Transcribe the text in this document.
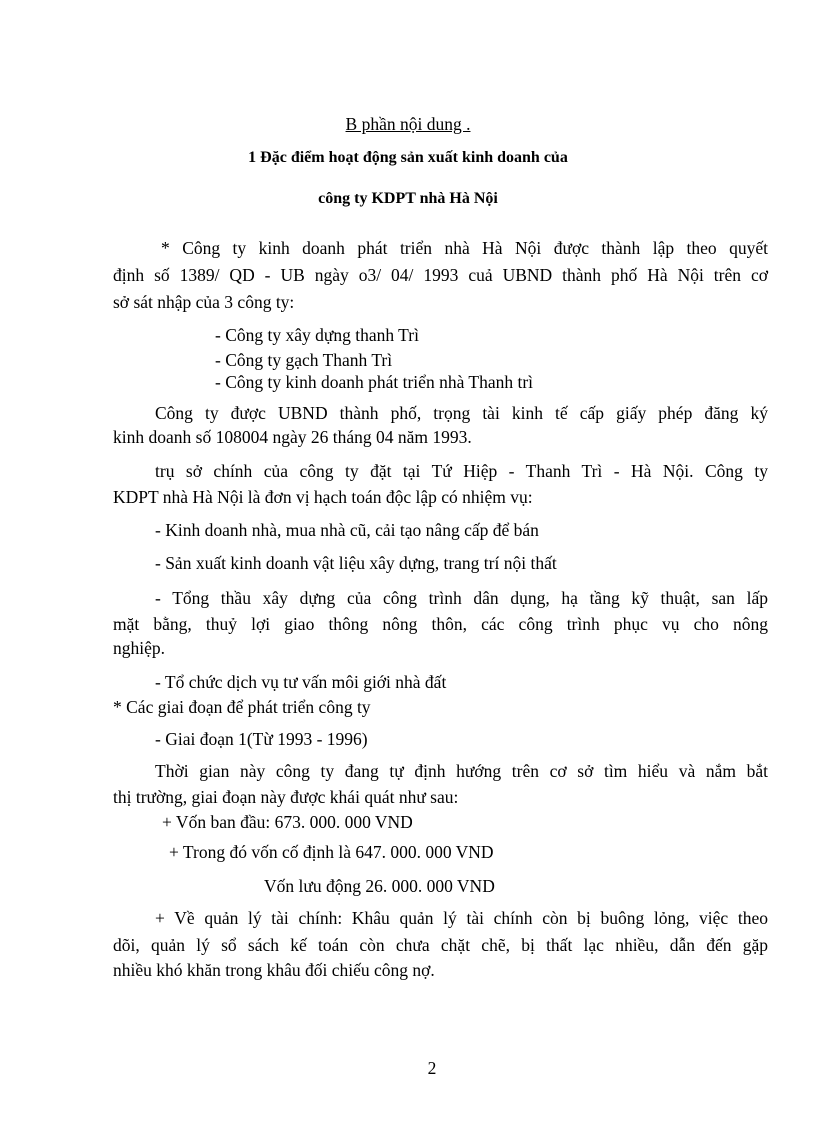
B phần nội dung .
1 Đặc điểm hoạt động sản xuất kinh doanh của
công ty KDPT nhà Hà Nội
* Công ty kinh doanh phát triển nhà Hà Nội được thành lập theo quyết
định số 1389/ QD - UB ngày o3/ 04/ 1993 cuả UBND thành phố Hà Nội trên cơ
sở sát nhập của 3 công ty:
- Công ty xây dựng thanh Trì
- Công ty gạch Thanh Trì
- Công ty kinh doanh phát triển nhà Thanh trì
Công ty được UBND thành phố, trọng tài kinh tế cấp giấy phép đăng ký
kinh doanh số 108004 ngày 26 tháng 04 năm 1993.
trụ sở chính của công ty đặt tại Tứ Hiệp - Thanh Trì - Hà Nội. Công ty
KDPT nhà Hà Nội là đơn vị hạch toán độc lập có nhiệm vụ:
- Kinh doanh nhà, mua nhà cũ, cải tạo nâng cấp để bán
- Sản xuất kinh doanh vật liệu xây dựng, trang trí nội thất
- Tổng thầu xây dựng của công trình dân dụng, hạ tầng kỹ thuật, san lấp
mặt bằng, thuỷ lợi giao thông nông thôn, các công trình phục vụ cho nông
nghiệp.
- Tổ chức dịch vụ tư vấn môi giới nhà đất
* Các giai đoạn để phát triển công ty
- Giai đoạn 1(Từ 1993 - 1996)
Thời gian này công ty đang tự định hướng trên cơ sở tìm hiểu và nắm bắt
thị trường, giai đoạn này được khái quát như sau:
+ Vốn ban đầu: 673. 000. 000 VND
+ Trong đó vốn cố định là 647. 000. 000 VND
Vốn lưu động 26. 000. 000 VND
+ Về quản lý tài chính: Khâu quản lý tài chính còn bị buông lỏng, việc theo
dõi, quản lý sổ sách kế toán còn chưa chặt chẽ, bị thất lạc nhiều, dẫn đến gặp
nhiều khó khăn trong khâu đối chiếu công nợ.
2
